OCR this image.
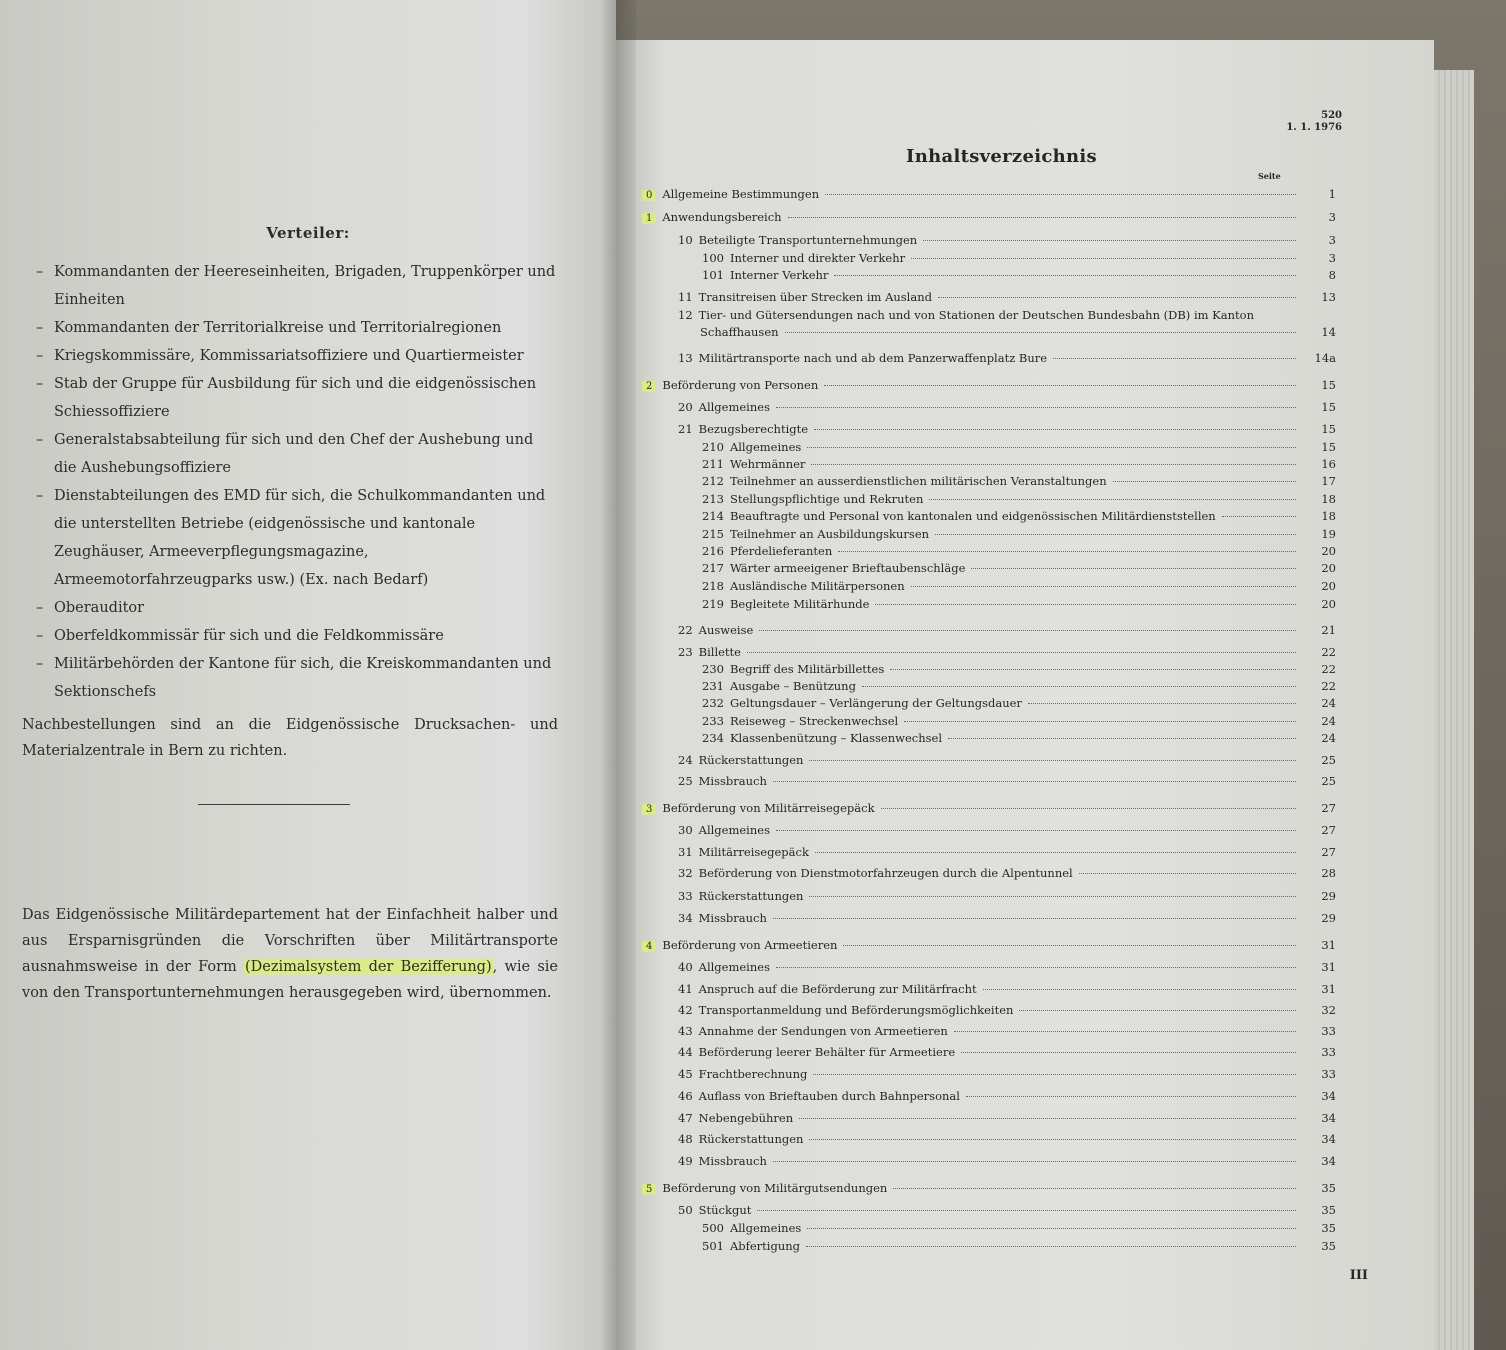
Verteiler:
– Kommandanten der Heereseinheiten, Brigaden, Truppenkörper und Einheiten
– Kommandanten der Territorialkreise und Territorialregionen
– Kriegskommissäre, Kommissariatsoffiziere und Quartiermeister
– Stab der Gruppe für Ausbildung für sich und die eidgenössischen Schiessoffiziere
– Generalstabsabteilung für sich und den Chef der Aushebung und die Aushebungsoffiziere
– Dienstabteilungen des EMD für sich, die Schulkommandanten und die unterstellten Betriebe (eidgenössische und kantonale Zeughäuser, Armeeverpflegungsmagazine, Armeemotorfahrzeugparks usw.) (Ex. nach Bedarf)
– Oberauditor
– Oberfeldkommissär für sich und die Feldkommissäre
– Militärbehörden der Kantone für sich, die Kreiskommandanten und Sektionschefs

Nachbestellungen sind an die Eidgenössische Drucksachen- und Materialzentrale in Bern zu richten.

Das Eidgenössische Militärdepartement hat der Einfachheit halber und aus Ersparnisgründen die Vorschriften über Militärtransporte ausnahmsweise in der Form (Dezimalsystem der Bezifferung), wie sie von den Transportunternehmungen herausgegeben wird, übernommen.

520
1. 1. 1976
Inhaltsverzeichnis
Seite
0 Allgemeine Bestimmungen	1
1 Anwendungsbereich	3
10 Beteiligte Transportunternehmungen	3
100 Interner und direkter Verkehr	3
101 Interner Verkehr	8
11 Transitreisen über Strecken im Ausland	13
12 Tier- und Gütersendungen nach und von Stationen der Deutschen Bundesbahn (DB) im Kanton
Schaffhausen	14
13 Militärtransporte nach und ab dem Panzerwaffenplatz Bure	14a
2 Beförderung von Personen	15
20 Allgemeines	15
21 Bezugsberechtigte	15
210 Allgemeines	15
211 Wehrmänner	16
212 Teilnehmer an ausserdienstlichen militärischen Veranstaltungen	17
213 Stellungspflichtige und Rekruten	18
214 Beauftragte und Personal von kantonalen und eidgenössischen Militärdienststellen	18
215 Teilnehmer an Ausbildungskursen	19
216 Pferdelieferanten	20
217 Wärter armeeigener Brieftaubenschläge	20
218 Ausländische Militärpersonen	20
219 Begleitete Militärhunde	20
22 Ausweise	21
23 Billette	22
230 Begriff des Militärbillettes	22
231 Ausgabe – Benützung	22
232 Geltungsdauer – Verlängerung der Geltungsdauer	24
233 Reiseweg – Streckenwechsel	24
234 Klassenbenützung – Klassenwechsel	24
24 Rückerstattungen	25
25 Missbrauch	25
3 Beförderung von Militärreisegepäck	27
30 Allgemeines	27
31 Militärreisegepäck	27
32 Beförderung von Dienstmotorfahrzeugen durch die Alpentunnel	28
33 Rückerstattungen	29
34 Missbrauch	29
4 Beförderung von Armeetieren	31
40 Allgemeines	31
41 Anspruch auf die Beförderung zur Militärfracht	31
42 Transportanmeldung und Beförderungsmöglichkeiten	32
43 Annahme der Sendungen von Armeetieren	33
44 Beförderung leerer Behälter für Armeetiere	33
45 Frachtberechnung	33
46 Auflass von Brieftauben durch Bahnpersonal	34
47 Nebengebühren	34
48 Rückerstattungen	34
49 Missbrauch	34
5 Beförderung von Militärgutsendungen	35
50 Stückgut	35
500 Allgemeines	35
501 Abfertigung	35
III
